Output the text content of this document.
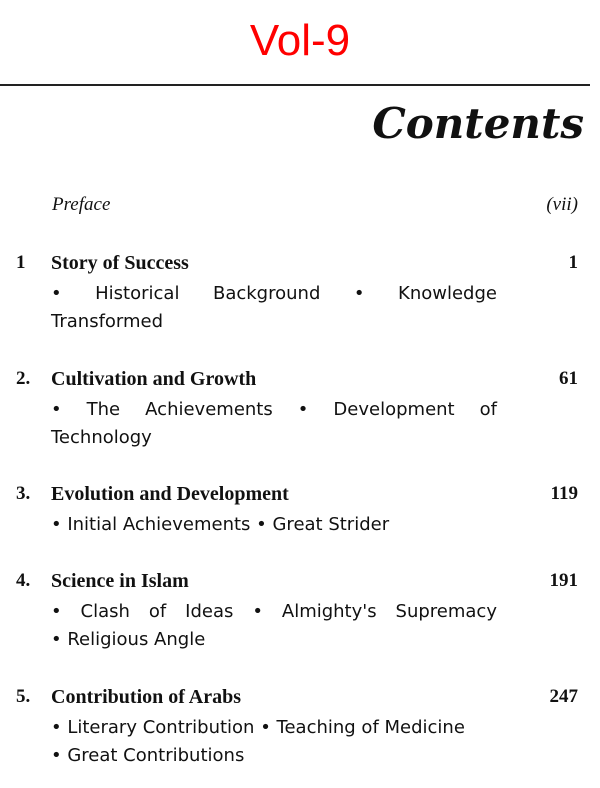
Vol-9
Contents
Preface	(vii)
1 Story of Success	1
• Historical Background • Knowledge
Transformed
2. Cultivation and Growth	61
• The Achievements • Development of
Technology
3. Evolution and Development	119
• Initial Achievements • Great Strider
4. Science in Islam	191
• Clash of Ideas • Almighty's Supremacy
• Religious Angle
5. Contribution of Arabs	247
• Literary Contribution • Teaching of Medicine
• Great Contributions
